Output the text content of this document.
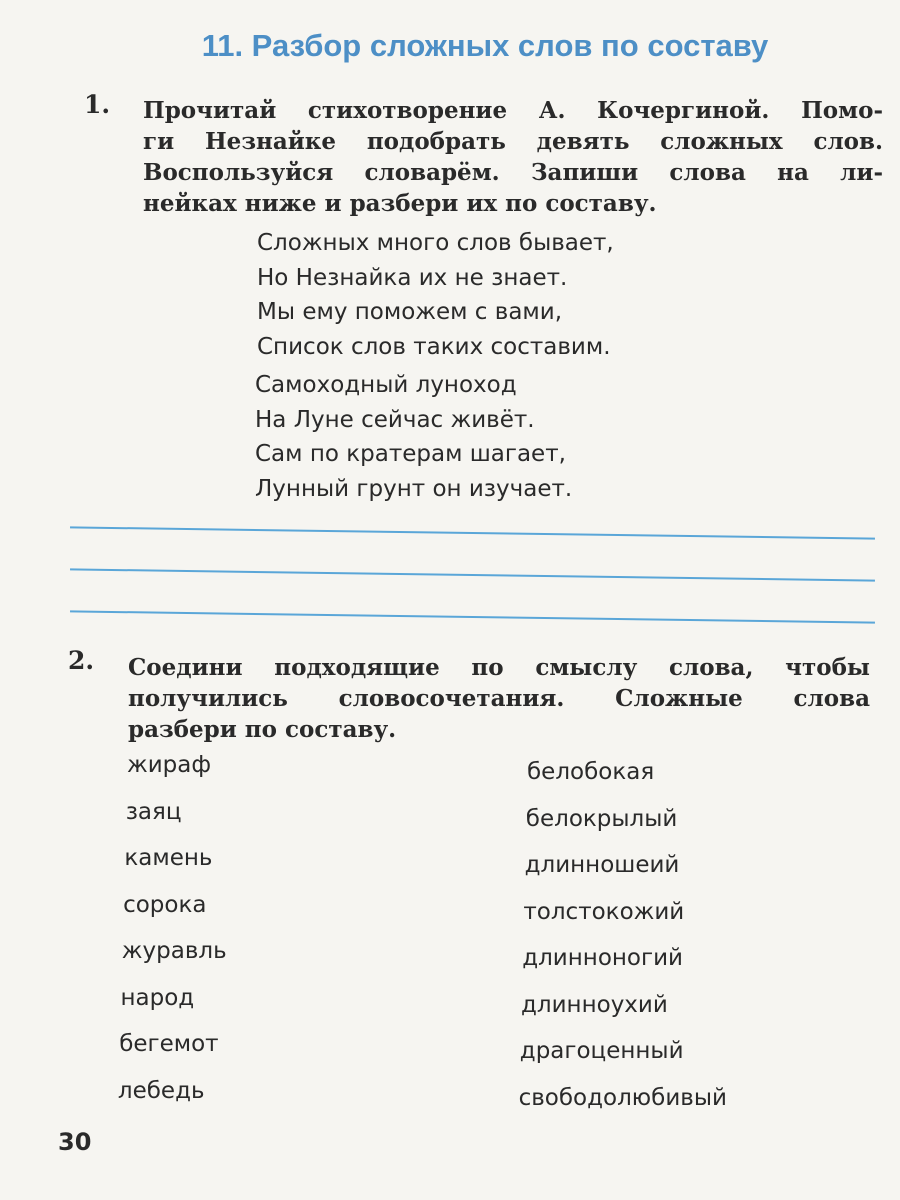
11. Разбор сложных слов по составу
1. Прочитай стихотворение А. Кочергиной. Помо-
ги Незнайке подобрать девять сложных слов.
Воспользуйся словарём. Запиши слова на ли-
нейках ниже и разбери их по составу.
Сложных много слов бывает,
Но Незнайка их не знает.
Мы ему поможем с вами,
Список слов таких составим.
Самоходный луноход
На Луне сейчас живёт.
Сам по кратерам шагает,
Лунный грунт он изучает.
2. Соедини подходящие по смыслу слова, чтобы
получились словосочетания. Сложные слова
разбери по составу.
жираф
заяц
камень
сорока
журавль
народ
бегемот
лебедь
белобокая
белокрылый
длинношеий
толстокожий
длинноногий
длинноухий
драгоценный
свободолюбивый
30
